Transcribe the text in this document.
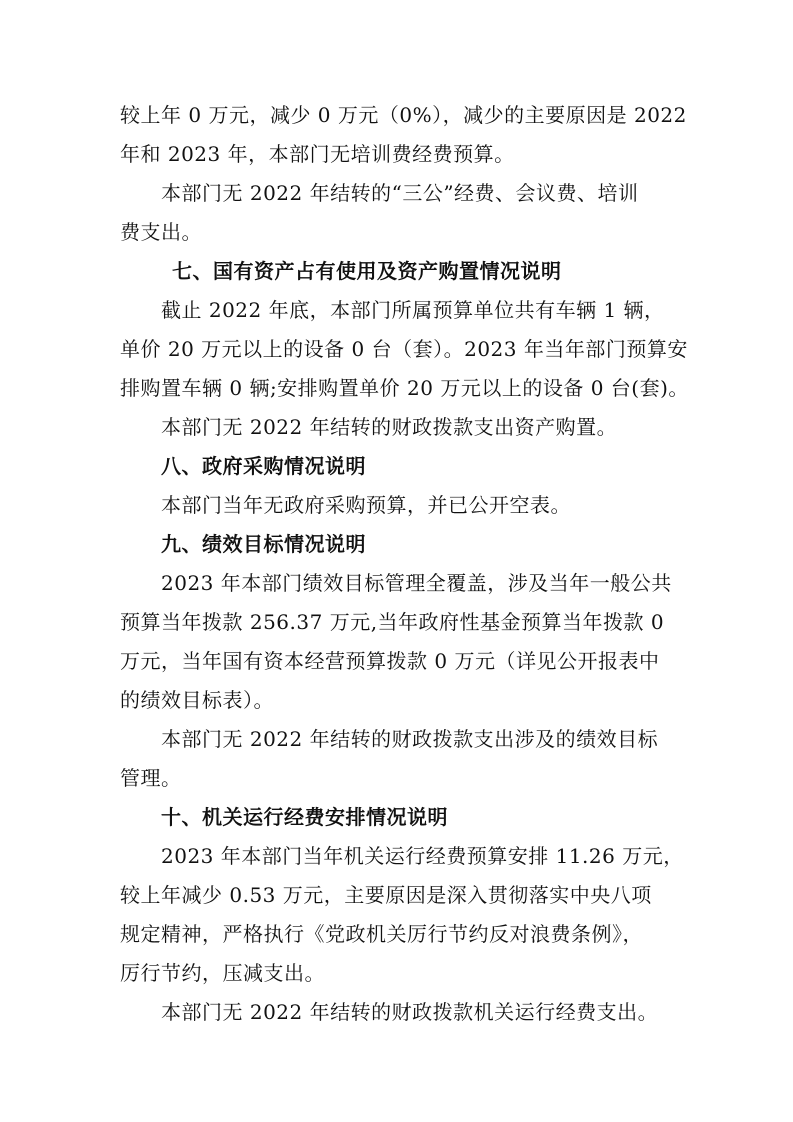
较上年 0 万元，减少 0 万元（0%），减少的主要原因是 2022
年和 2023 年，本部门无培训费经费预算。

本部门无 2022 年结转的“三公”经费、会议费、培训
费支出。

七、国有资产占有使用及资产购置情况说明

截止 2022 年底，本部门所属预算单位共有车辆 1 辆，
单价 20 万元以上的设备 0 台（套）。2023 年当年部门预算安
排购置车辆 0 辆;安排购置单价 20 万元以上的设备 0 台(套)。

本部门无 2022 年结转的财政拨款支出资产购置。

八、政府采购情况说明

本部门当年无政府采购预算，并已公开空表。

九、绩效目标情况说明

2023 年本部门绩效目标管理全覆盖，涉及当年一般公共
预算当年拨款 256.37 万元,当年政府性基金预算当年拨款 0
万元，当年国有资本经营预算拨款 0 万元（详见公开报表中
的绩效目标表）。

本部门无 2022 年结转的财政拨款支出涉及的绩效目标
管理。

十、机关运行经费安排情况说明

2023 年本部门当年机关运行经费预算安排 11.26 万元，
较上年减少 0.53 万元，主要原因是深入贯彻落实中央八项
规定精神，严格执行《党政机关厉行节约反对浪费条例》，
厉行节约，压减支出。

本部门无 2022 年结转的财政拨款机关运行经费支出。
